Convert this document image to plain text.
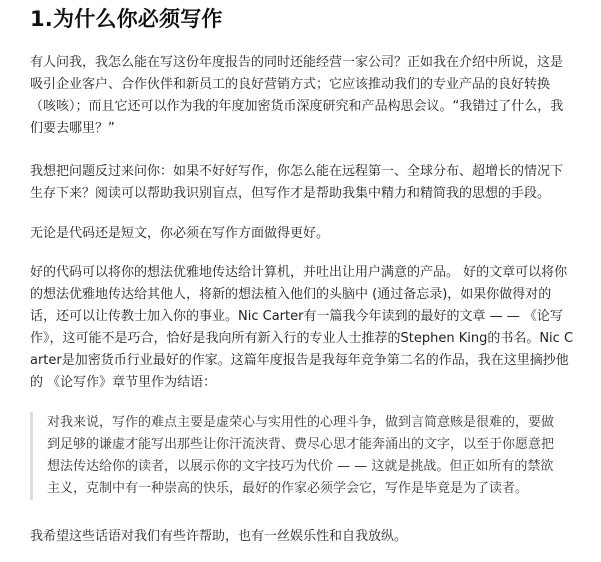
1.为什么你必须写作

有人问我，我怎么能在写这份年度报告的同时还能经营一家公司？正如我在介绍中所说，这是吸引企业客户、合作伙伴和新员工的良好营销方式；它应该推动我们的专业产品的良好转换（咳咳）；而且它还可以作为我的年度加密货币深度研究和产品构思会议。“我错过了什么，我们要去哪里？”

我想把问题反过来问你：如果不好好写作，你怎么能在远程第一、全球分布、超增长的情况下生存下来？阅读可以帮助我识别盲点，但写作才是帮助我集中精力和精简我的思想的手段。

无论是代码还是短文，你必须在写作方面做得更好。

好的代码可以将你的想法优雅地传达给计算机，并吐出让用户满意的产品。 好的文章可以将你的想法优雅地传达给其他人，将新的想法植入他们的头脑中 (通过备忘录)，如果你做得对的话，还可以让传教士加入你的事业。Nic Carter有一篇我今年读到的最好的文章 — — 《论写作》，这可能不是巧合，恰好是我向所有新入行的专业人士推荐的Stephen King的书名。Nic Carter是加密货币行业最好的作家。这篇年度报告是我每年竞争第二名的作品，我在这里摘抄他的 《论写作》章节里作为结语：

对我来说，写作的难点主要是虚荣心与实用性的心理斗争，做到言简意赅是很难的，要做到足够的谦虚才能写出那些让你汗流浃背、费尽心思才能奔涌出的文字，以至于你愿意把想法传达给你的读者，以展示你的文字技巧为代价 — — 这就是挑战。但正如所有的禁欲主义，克制中有一种崇高的快乐，最好的作家必须学会它，写作是毕竟是为了读者。

我希望这些话语对我们有些许帮助，也有一丝娱乐性和自我放纵。
